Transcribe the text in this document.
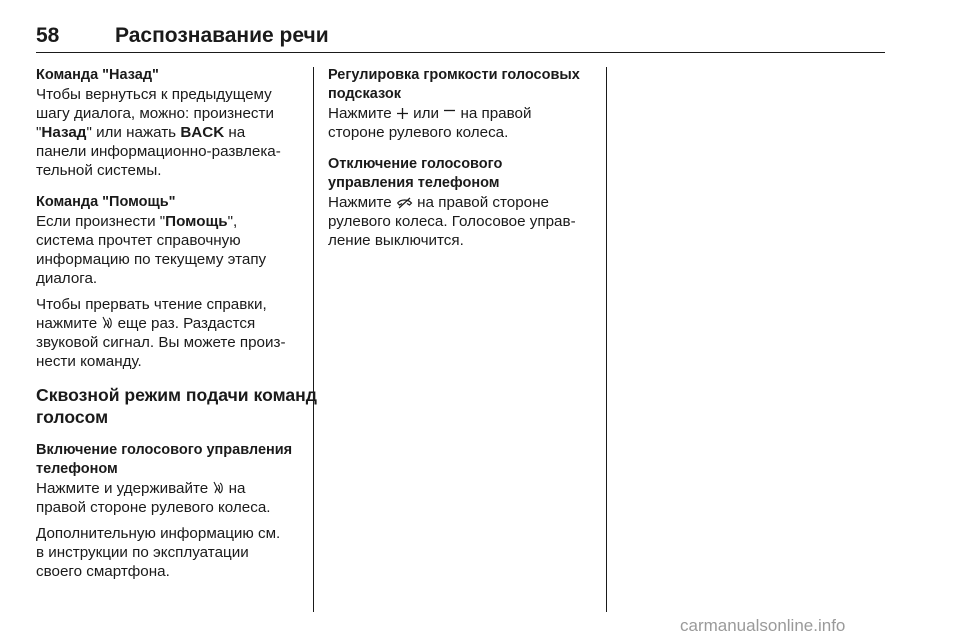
58	Распознавание речи
Команда "Назад"
Чтобы вернуться к предыдущему
шагу диалога, можно: произнести
"Назад" или нажать BACK на
панели информационно-развлека‐
тельной системы.
Команда "Помощь"
Если произнести "Помощь",
система прочтет справочную
информацию по текущему этапу
диалога.
Чтобы прервать чтение справки,
нажмите  еще раз. Раздастся
звуковой сигнал. Вы можете произ‐
нести команду.
Сквозной режим подачи команд
голосом
Включение голосового управления
телефоном
Нажмите и удерживайте  на
правой стороне рулевого колеса.
Дополнительную информацию см.
в инструкции по эксплуатации
своего смартфона.
Регулировка громкости голосовых
подсказок
Нажмите  или  на правой
стороне рулевого колеса.
Отключение голосового
управления телефоном
Нажмите  на правой стороне
рулевого колеса. Голосовое управ‐
ление выключится.
carmanualsonline.info
